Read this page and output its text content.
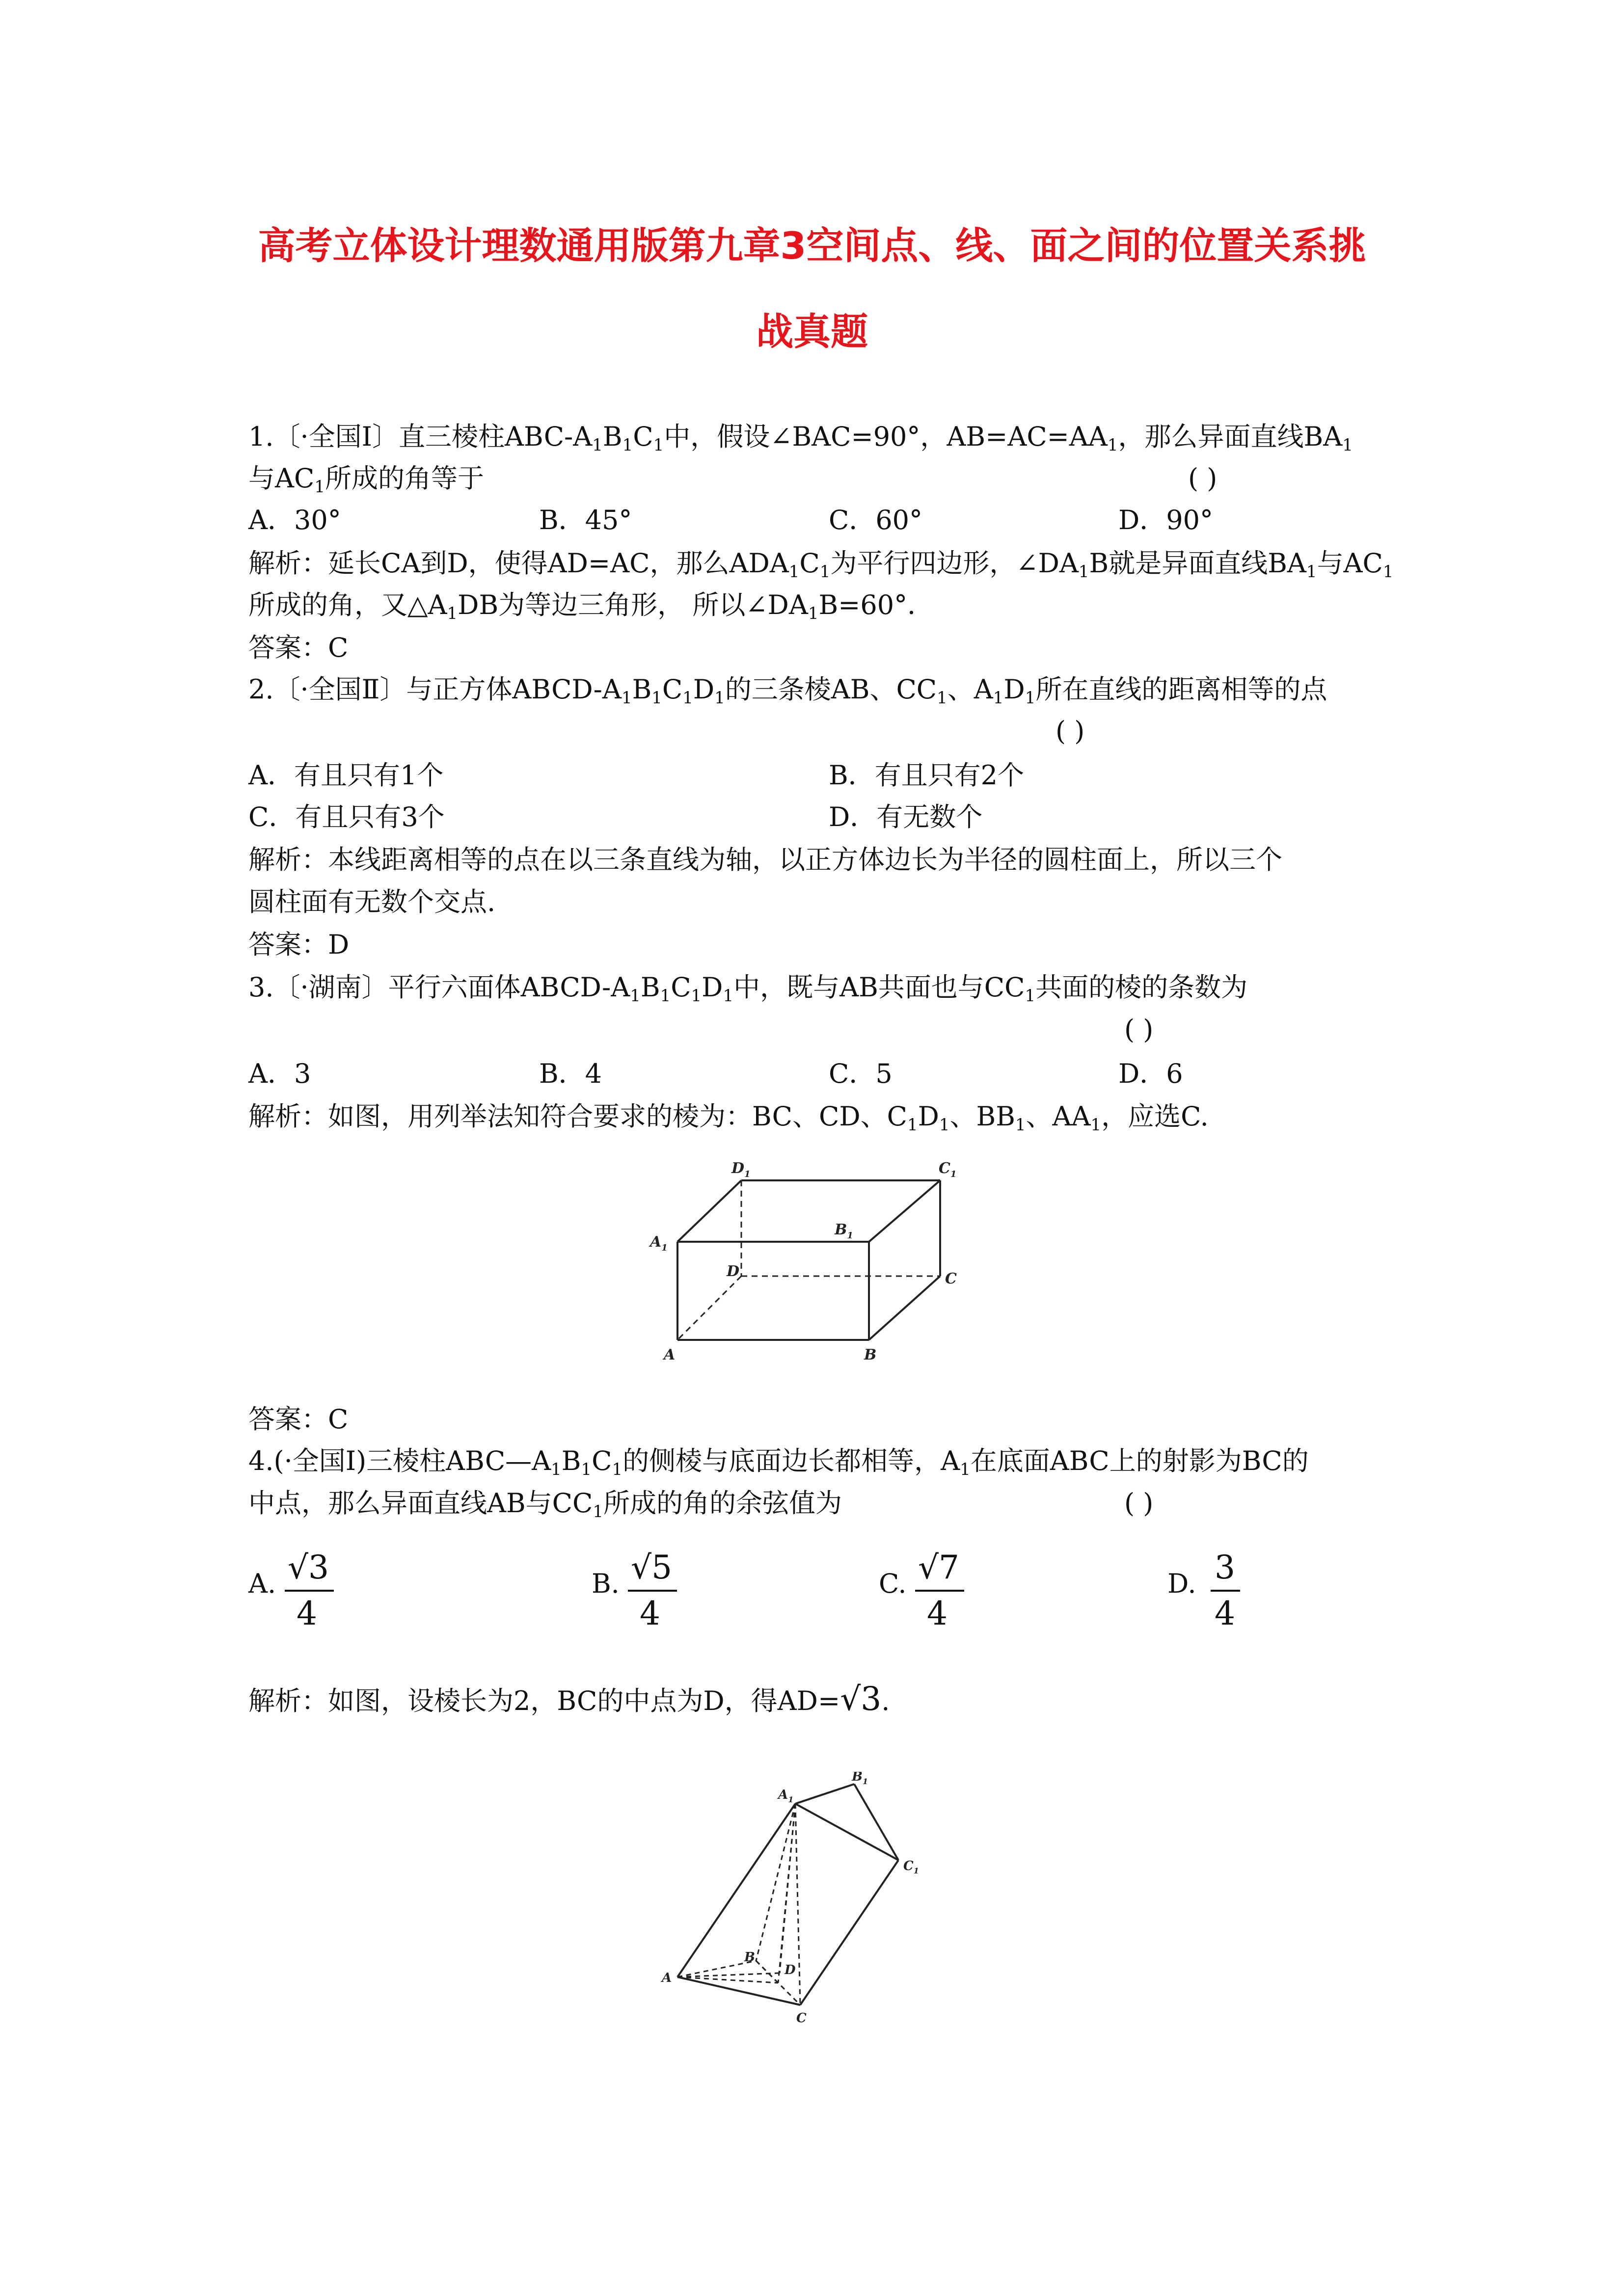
高考立体设计理数通用版第九章3空间点、线、面之间的位置关系挑
战真题
1.〔·全国Ⅰ〕直三棱柱ABC-$A_1B_1C_1$中，假设∠BAC=90°，$AB=AC=AA_1$，那么异面直线$BA_1$
与$AC_1$所成的角等于	( )
A．30°	B．45°	C．60°	D．90°
解析：延长CA到D，使得AD=AC，那么$ADA_1C_1$为平行四边形，$\angle DA_1B$就是异面直线$BA_1$与$AC_1$
所成的角，又$\triangle A_1DB$为等边三角形， 所以$\angle DA_1B=60^\circ$．
答案：C
2.〔·全国Ⅱ〕与正方体ABCD-$A_1B_1C_1D_1$的三条棱AB、$CC_1$、$A_1D_1$所在直线的距离相等的点
( )
A．有且只有1个	B．有且只有2个
C．有且只有3个	D．有无数个
解析：本线距离相等的点在以三条直线为轴，以正方体边长为半径的圆柱面上，所以三个
圆柱面有无数个交点.
答案：D
3.〔·湖南〕平行六面体ABCD-$A_1B_1C_1D_1$中，既与AB共面也与$CC_1$共面的棱的条数为
( )
A．3	B．4	C．5	D．6
解析：如图，用列举法知符合要求的棱为：BC、CD、$C_1D_1$、$BB_1$、$AA_1$，应选C.
$D_1$	$C_1$
$B_1$
$A_1$
D	C
A	B
答案：C
4.(·全国Ⅰ)三棱柱$ABC—A_1B_1C_1$的侧棱与底面边长都相等，$A_1$在底面ABC上的射影为BC的
中点，那么异面直线AB与$CC_1$所成的角的余弦值为	( )
A. √3
4
B. √5
4
C. √7
4
D. 3
4
解析：如图，设棱长为2，BC的中点为D，得AD=√3.
$A_1$
$B_1$
$C_1$
A
B
D
C
